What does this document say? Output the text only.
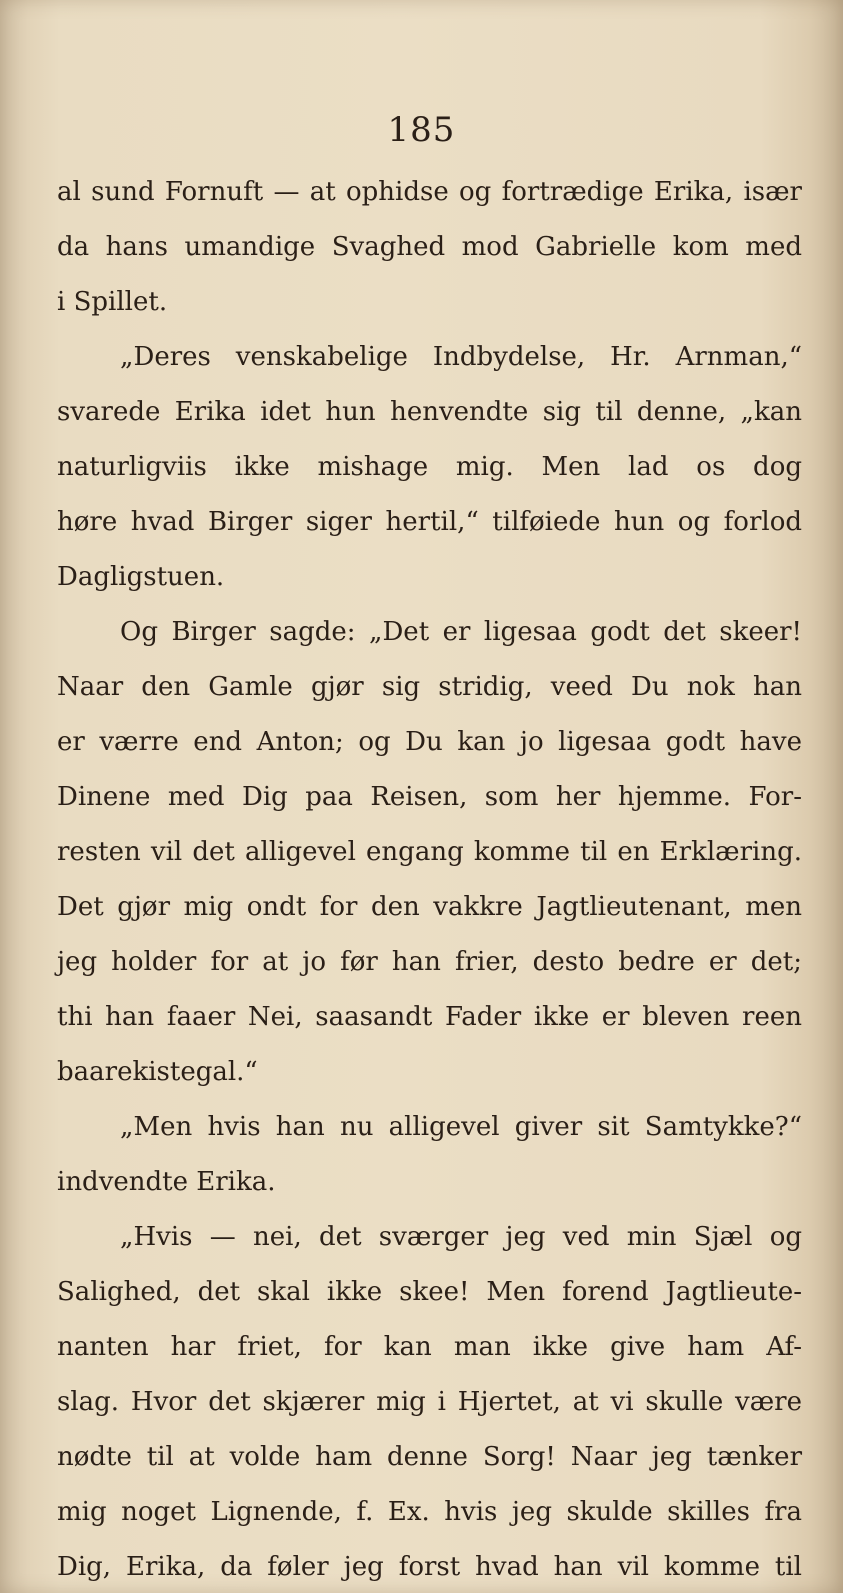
185
al sund Fornuft — at ophidse og fortrædige Erika, især
da hans umandige Svaghed mod Gabrielle kom med
i Spillet.
„Deres venskabelige Indbydelse, Hr. Arnman,“
svarede Erika idet hun henvendte sig til denne, „kan
naturligviis ikke mishage mig. Men lad os dog
høre hvad Birger siger hertil,“ tilføiede hun og forlod
Dagligstuen.
Og Birger sagde: „Det er ligesaa godt det skeer!
Naar den Gamle gjør sig stridig, veed Du nok han
er værre end Anton; og Du kan jo ligesaa godt have
Dinene med Dig paa Reisen, som her hjemme. For-
resten vil det alligevel engang komme til en Erklæring.
Det gjør mig ondt for den vakkre Jagtlieutenant, men
jeg holder for at jo før han frier, desto bedre er det;
thi han faaer Nei, saasandt Fader ikke er bleven reen
baarekistegal.“
„Men hvis han nu alligevel giver sit Samtykke?“
indvendte Erika.
„Hvis — nei, det sværger jeg ved min Sjæl og
Salighed, det skal ikke skee! Men forend Jagtlieute-
nanten har friet, for kan man ikke give ham Af-
slag. Hvor det skjærer mig i Hjertet, at vi skulle være
nødte til at volde ham denne Sorg! Naar jeg tænker
mig noget Lignende, f. Ex. hvis jeg skulde skilles fra
Dig, Erika, da føler jeg forst hvad han vil komme til
